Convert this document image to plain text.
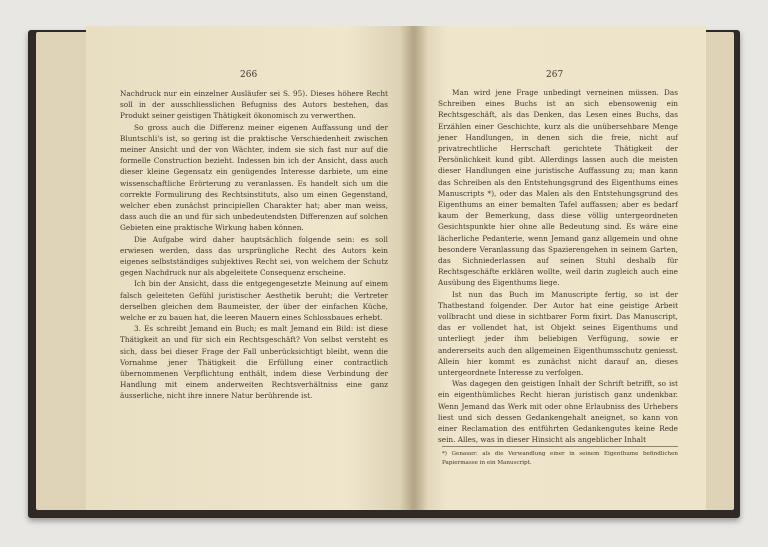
266

Nachdruck nur ein einzelner Ausläufer sei S. 95). Dieses höhere Recht soll in der ausschliesslichen Befugniss des Autors bestehen, das Produkt seiner geistigen Thätigkeit ökonomisch zu verwerthen.

So gross auch die Differenz meiner eigenen Auffassung und der Bluntschli's ist, so gering ist die praktische Verschiedenheit zwischen meiner Ansicht und der von Wächter, indem sie sich fast nur auf die formelle Construction bezieht. Indessen bin ich der Ansicht, dass auch dieser kleine Gegensatz ein genügendes Interesse darbiete, um eine wissenschaftliche Erörterung zu veranlassen. Es handelt sich um die correkte Formulirung des Rechtsinstituts, also um einen Gegenstand, welcher eben zunächst principiellen Charakter hat; aber man weiss, dass auch die an und für sich unbedeutendsten Differenzen auf solchen Gebieten eine praktische Wirkung haben können.

Die Aufgabe wird daher hauptsächlich folgende sein: es soll erwiesen werden, dass das ursprüngliche Recht des Autors kein eigenes selbstständiges subjektives Recht sei, von welchem der Schutz gegen Nachdruck nur als abgeleitete Consequenz erscheine.

Ich bin der Ansicht, dass die entgegengesetzte Meinung auf einem falsch geleiteten Gefühl juristischer Aesthetik beruht; die Vertreter derselben gleichen dem Baumeister, der über der einfachen Küche, welche er zu bauen hat, die leeren Mauern eines Schlossbaues erhebt.

3. Es schreibt Jemand ein Buch; es malt Jemand ein Bild: ist diese Thätigkeit an und für sich ein Rechtsgeschäft? Von selbst versteht es sich, dass bei dieser Frage der Fall unberücksichtigt bleibt, wenn die Vornahme jener Thätigkeit die Erfüllung einer contractlich übernommenen Verpflichtung enthält, indem diese Verbindung der Handlung mit einem anderweiten Rechtsverhältniss eine ganz äusserliche, nicht ihre innere Natur berührende ist.

267

Man wird jene Frage unbedingt verneinen müssen. Das Schreiben eines Buchs ist an sich ebensowenig ein Rechtsgeschäft, als das Denken, das Lesen eines Buchs, das Erzählen einer Geschichte, kurz als die unübersehbare Menge jener Handlungen, in denen sich die freie, nicht auf privatrechtliche Herrschaft gerichtete Thätigkeit der Persönlichkeit kund gibt. Allerdings lassen auch die meisten dieser Handlungen eine juristische Auffassung zu; man kann das Schreiben als den Entstehungsgrund des Eigenthums eines Manuscripts *), oder das Malen als den Entstehungsgrund des Eigenthums an einer bemalten Tafel auffassen; aber es bedarf kaum der Bemerkung, dass diese völlig untergeordneten Gesichtspunkte hier ohne alle Bedeutung sind. Es wäre eine lächerliche Pedanterie, wenn Jemand ganz allgemein und ohne besondere Veranlassung das Spazierengehen in seinem Garten, das Sichniederlassen auf seinen Stuhl deshalb für Rechtsgeschäfte erklären wollte, weil darin zugleich auch eine Ausübung des Eigenthums liege.

Ist nun das Buch im Manuscripte fertig, so ist der Thatbestand folgender. Der Autor hat eine geistige Arbeit vollbracht und diese in sichtbarer Form fixirt. Das Manuscript, das er vollendet hat, ist Objekt seines Eigenthums und unterliegt jeder ihm beliebigen Verfügung, sowie er andererseits auch den allgemeinen Eigenthumsschutz geniesst. Allein hier kommt es zunächst nicht darauf an, dieses untergeordnete Interesse zu verfolgen.

Was dagegen den geistigen Inhalt der Schrift betrifft, so ist ein eigenthümliches Recht hieran juristisch ganz undenkbar. Wenn Jemand das Werk mit oder ohne Erlaubniss des Urhebers liest und sich dessen Gedankengehalt aneignet, so kann von einer Reclamation des entführten Gedankengutes keine Rede sein. Alles, was in dieser Hinsicht als angeblicher Inhalt

*) Genauer: als die Verwandlung einer in seinem Eigenthume befindlichen Papiermasse in ein Manuscript.
